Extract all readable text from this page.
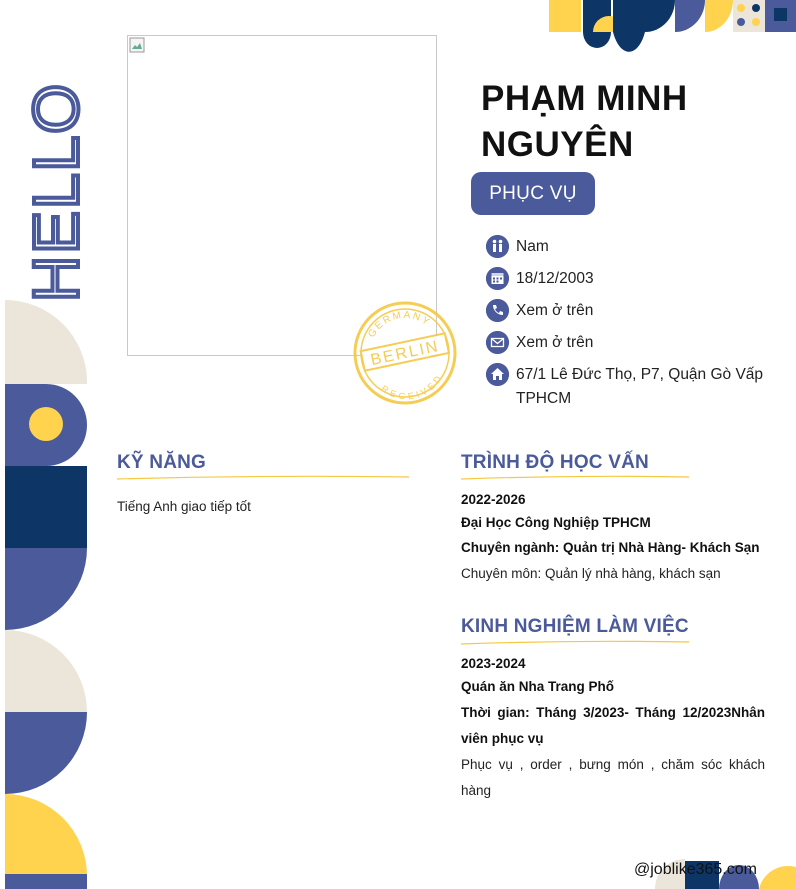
HELLO
GERMANY
BERLIN
RECEIVED
PHẠM MINH
NGUYÊN
PHỤC VỤ
Nam
18/12/2003
Xem ở trên
Xem ở trên
67/1 Lê Đức Thọ, P7, Quận Gò Vấp
TPHCM
KỸ NĂNG
Tiếng Anh giao tiếp tốt
TRÌNH ĐỘ HỌC VẤN
2022-2026
Đại Học Công Nghiệp TPHCM
Chuyên ngành: Quản trị Nhà Hàng- Khách Sạn
Chuyên môn: Quản lý nhà hàng, khách sạn
KINH NGHIỆM LÀM VIỆC
2023-2024
Quán ăn Nha Trang Phố
Thời gian: Tháng 3/2023- Tháng 12/2023Nhân viên phục vụ
Phục vụ , order , bưng món , chăm sóc khách hàng
@joblike365.com
